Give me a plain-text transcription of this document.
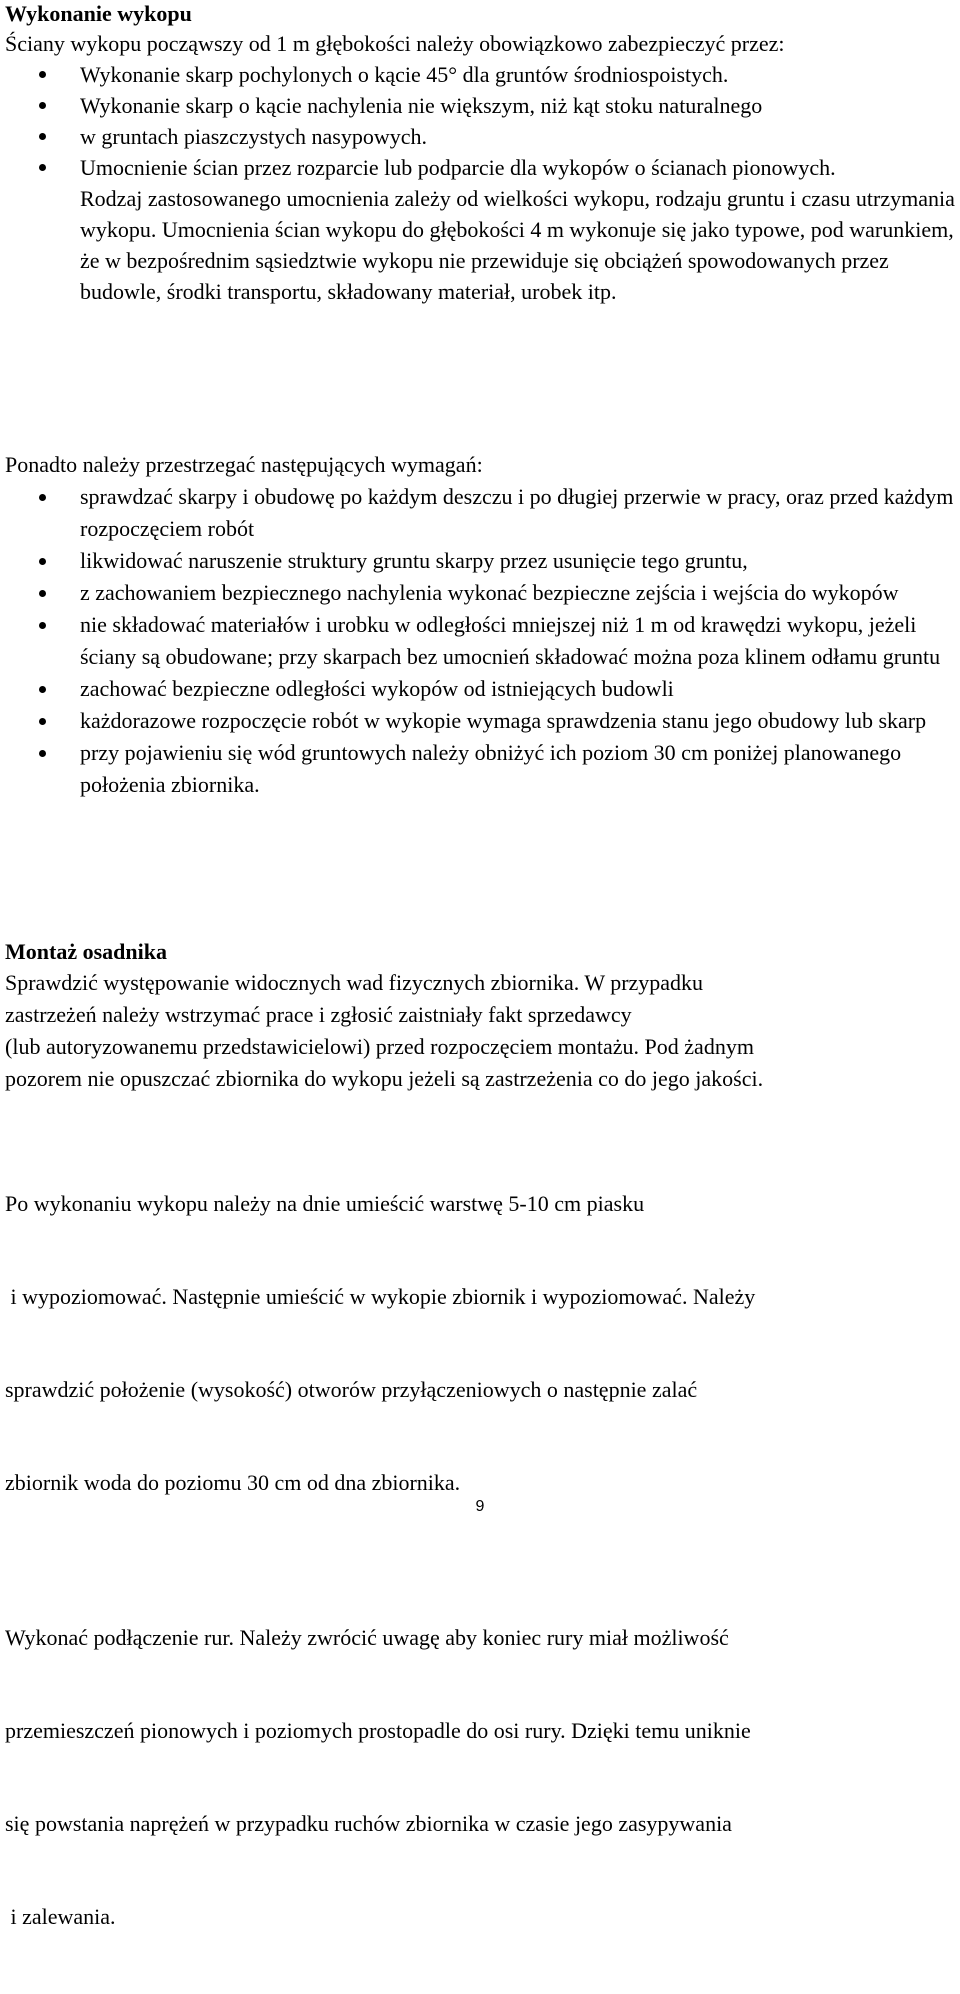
Wykonanie wykopu

Ściany wykopu począwszy od 1 m głębokości należy obowiązkowo zabezpieczyć przez:

Wykonanie skarp pochylonych o kącie 45° dla gruntów środniospoistych.
Wykonanie skarp o kącie nachylenia nie większym, niż kąt stoku naturalnego
w gruntach piaszczystych nasypowych.
Umocnienie ścian przez rozparcie lub podparcie dla wykopów o ścianach pionowych.

Rodzaj zastosowanego umocnienia zależy od wielkości wykopu, rodzaju gruntu i czasu utrzymania wykopu. Umocnienia ścian wykopu do głębokości 4 m wykonuje się jako typowe, pod warunkiem, że w bezpośrednim sąsiedztwie wykopu nie przewiduje się obciążeń spowodowanych przez budowle, środki transportu, składowany materiał, urobek itp.

Ponadto należy przestrzegać następujących wymagań:

sprawdzać skarpy i obudowę po każdym deszczu i po długiej przerwie w pracy, oraz przed każdym rozpoczęciem robót
likwidować naruszenie struktury gruntu skarpy przez usunięcie tego gruntu,
z zachowaniem bezpiecznego nachylenia wykonać bezpieczne zejścia i wejścia do wykopów
nie składować materiałów i urobku w odległości mniejszej niż 1 m od krawędzi wykopu, jeżeli ściany są obudowane; przy skarpach bez umocnień składować można poza klinem odłamu gruntu
zachować bezpieczne odległości wykopów od istniejących budowli
każdorazowe rozpoczęcie robót w wykopie wymaga sprawdzenia stanu jego obudowy lub skarp
przy pojawieniu się wód gruntowych należy obniżyć ich poziom 30 cm poniżej planowanego położenia zbiornika.

Montaż osadnika

Sprawdzić występowanie widocznych wad fizycznych zbiornika. W przypadku
zastrzeżeń należy wstrzymać prace i zgłosić zaistniały fakt sprzedawcy
(lub autoryzowanemu przedstawicielowi) przed rozpoczęciem montażu. Pod żadnym
pozorem nie opuszczać zbiornika do wykopu jeżeli są zastrzeżenia co do jego jakości.

Po wykonaniu wykopu należy na dnie umieścić warstwę 5-10 cm piasku

i wypoziomować. Następnie umieścić w wykopie zbiornik i wypoziomować. Należy

sprawdzić położenie (wysokość) otworów przyłączeniowych o następnie zalać

zbiornik woda do poziomu 30 cm od dna zbiornika.

Wykonać podłączenie rur. Należy zwrócić uwagę aby koniec rury miał możliwość

przemieszczeń pionowych i poziomych prostopadle do osi rury. Dzięki temu uniknie

się powstania naprężeń w przypadku ruchów zbiornika w czasie jego zasypywania

i zalewania.

9
